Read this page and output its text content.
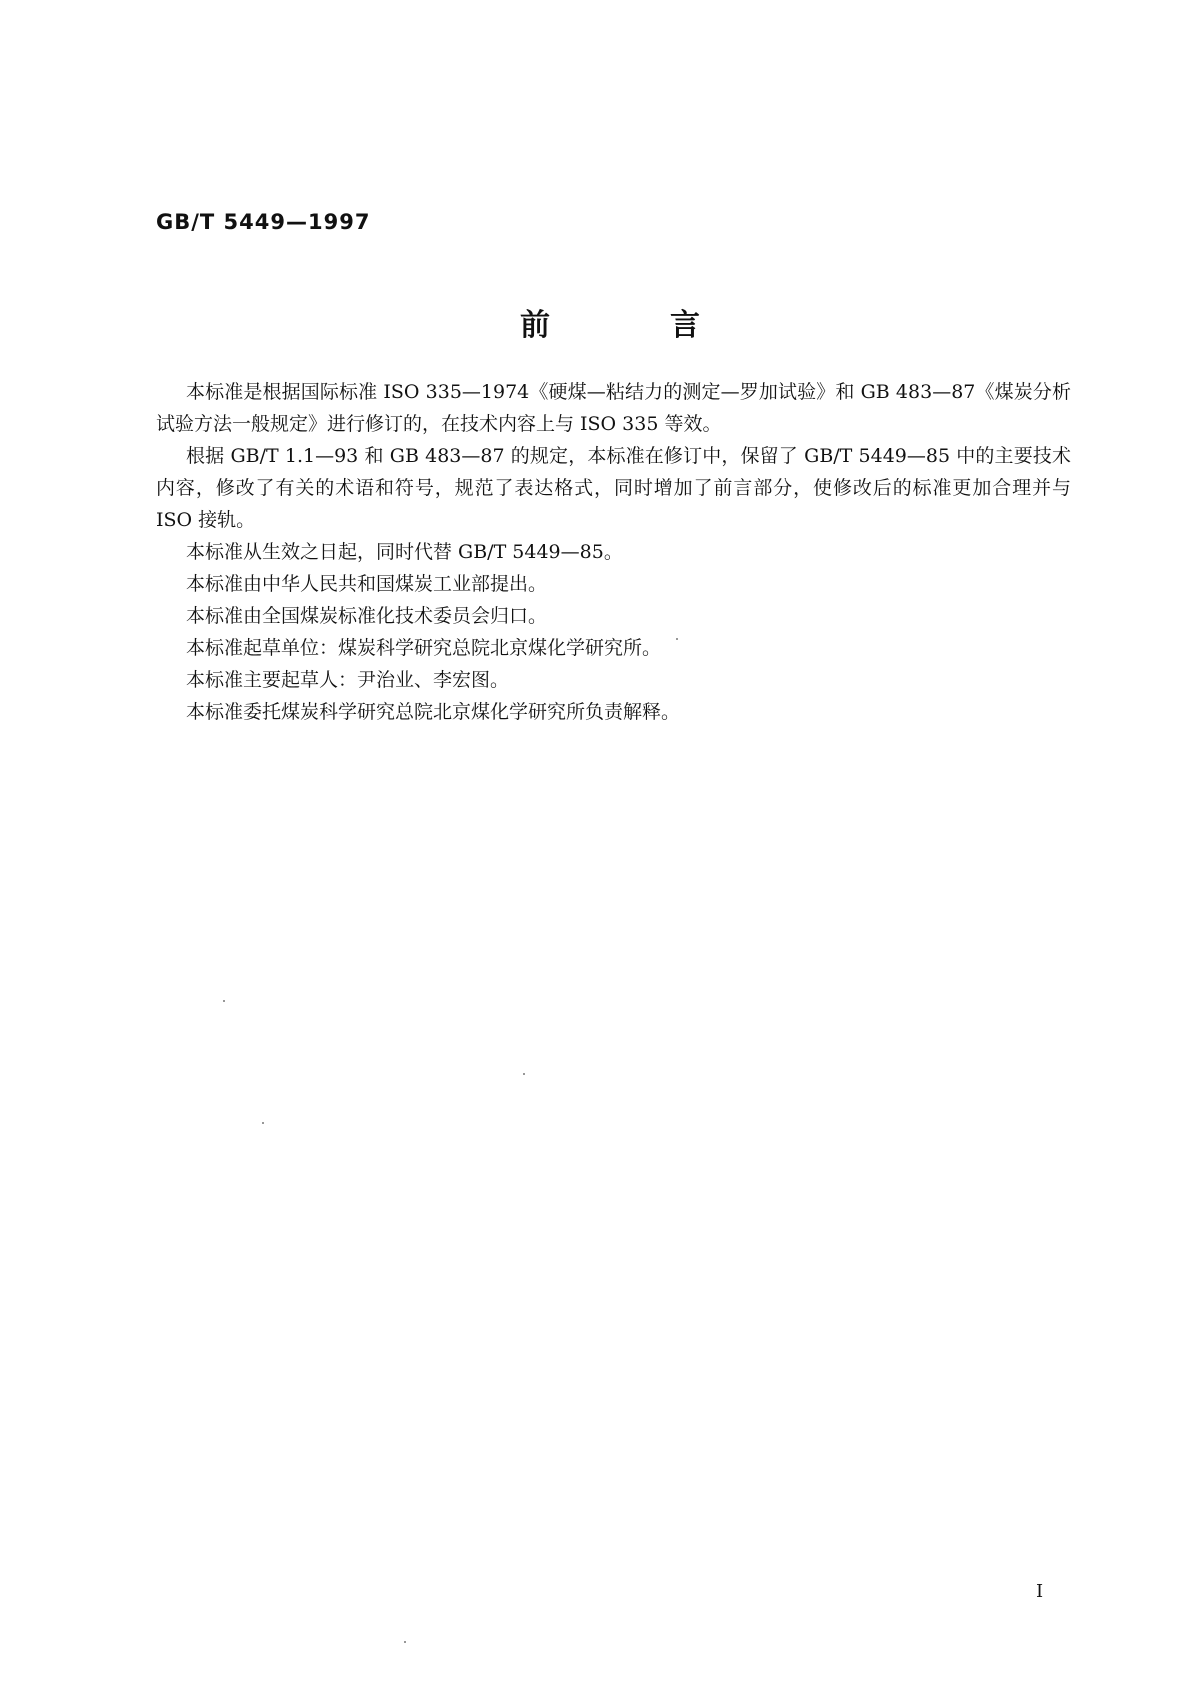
GB/T 5449—1997
前	言

本标准是根据国际标准 ISO 335—1974《硬煤—粘结力的测定—罗加试验》和 GB 483—87《煤炭分析试验方法一般规定》进行修订的，在技术内容上与 ISO 335 等效。

根据 GB/T 1.1—93 和 GB 483—87 的规定，本标准在修订中，保留了 GB/T 5449—85 中的主要技术内容，修改了有关的术语和符号，规范了表达格式，同时增加了前言部分，使修改后的标准更加合理并与 ISO 接轨。

本标准从生效之日起，同时代替 GB/T 5449—85。

本标准由中华人民共和国煤炭工业部提出。

本标准由全国煤炭标准化技术委员会归口。

本标准起草单位：煤炭科学研究总院北京煤化学研究所。

本标准主要起草人：尹治业、李宏图。

本标准委托煤炭科学研究总院北京煤化学研究所负责解释。

I
